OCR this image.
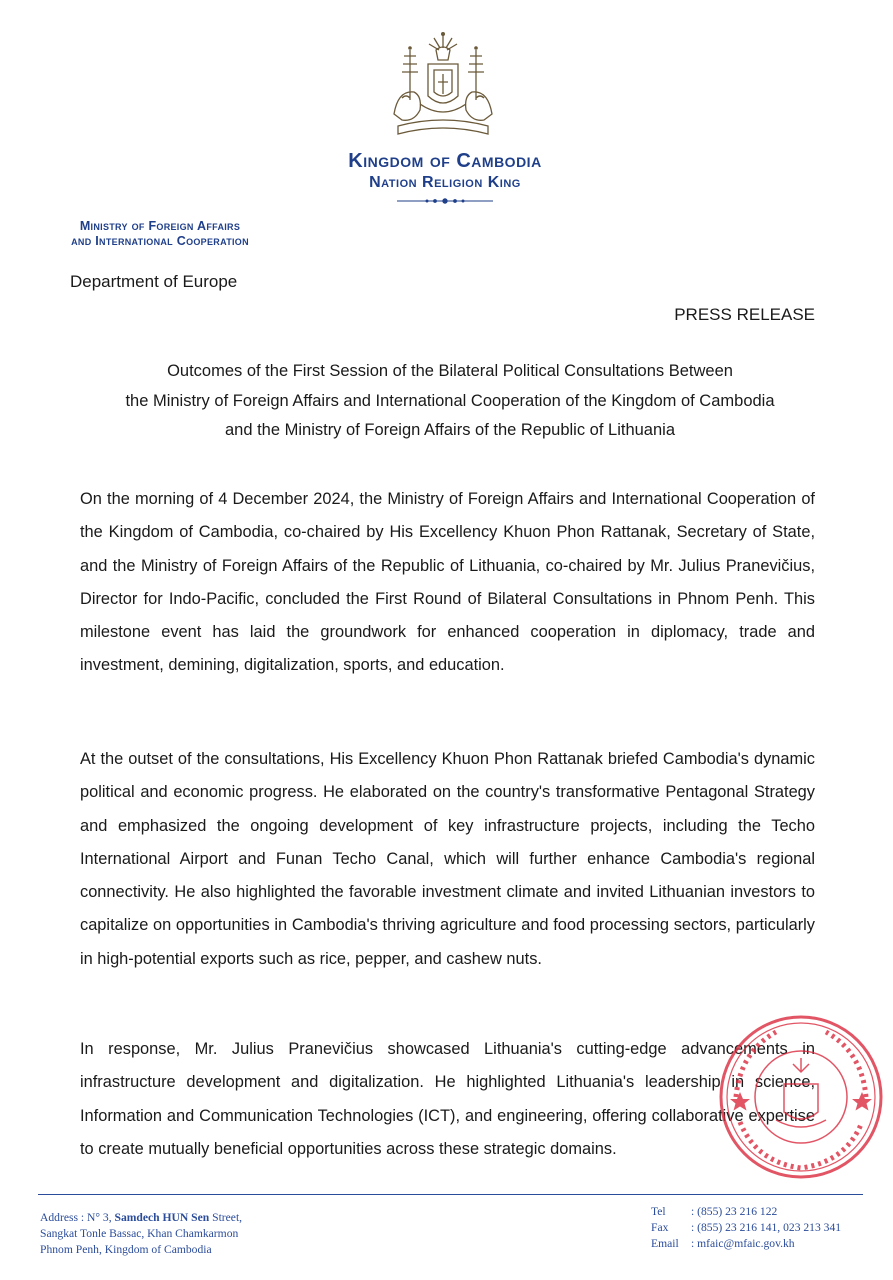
Kingdom of Cambodia
Nation Religion King
Ministry of Foreign Affairs
and International Cooperation
Department of Europe
PRESS RELEASE
Outcomes of the First Session of the Bilateral Political Consultations Between
the Ministry of Foreign Affairs and International Cooperation of the Kingdom of Cambodia
and the Ministry of Foreign Affairs of the Republic of Lithuania
On the morning of 4 December 2024, the Ministry of Foreign Affairs and International Cooperation of the Kingdom of Cambodia, co-chaired by His Excellency Khuon Phon Rattanak, Secretary of State, and the Ministry of Foreign Affairs of the Republic of Lithuania, co-chaired by Mr. Julius Pranevičius, Director for Indo-Pacific, concluded the First Round of Bilateral Consultations in Phnom Penh. This milestone event has laid the groundwork for enhanced cooperation in diplomacy, trade and investment, demining, digitalization, sports, and education.
At the outset of the consultations, His Excellency Khuon Phon Rattanak briefed Cambodia's dynamic political and economic progress. He elaborated on the country's transformative Pentagonal Strategy and emphasized the ongoing development of key infrastructure projects, including the Techo International Airport and Funan Techo Canal, which will further enhance Cambodia's regional connectivity. He also highlighted the favorable investment climate and invited Lithuanian investors to capitalize on opportunities in Cambodia's thriving agriculture and food processing sectors, particularly in high-potential exports such as rice, pepper, and cashew nuts.
In response, Mr. Julius Pranevičius showcased Lithuania's cutting-edge advancements in infrastructure development and digitalization. He highlighted Lithuania's leadership in science, Information and Communication Technologies (ICT), and engineering, offering collaborative expertise to create mutually beneficial opportunities across these strategic domains.
Address : N° 3, Samdech HUN Sen Street,
Sangkat Tonle Bassac, Khan Chamkarmon
Phnom Penh, Kingdom of Cambodia
Tel : (855) 23 216 122
Fax : (855) 23 216 141, 023 213 341
Email : mfaic@mfaic.gov.kh
